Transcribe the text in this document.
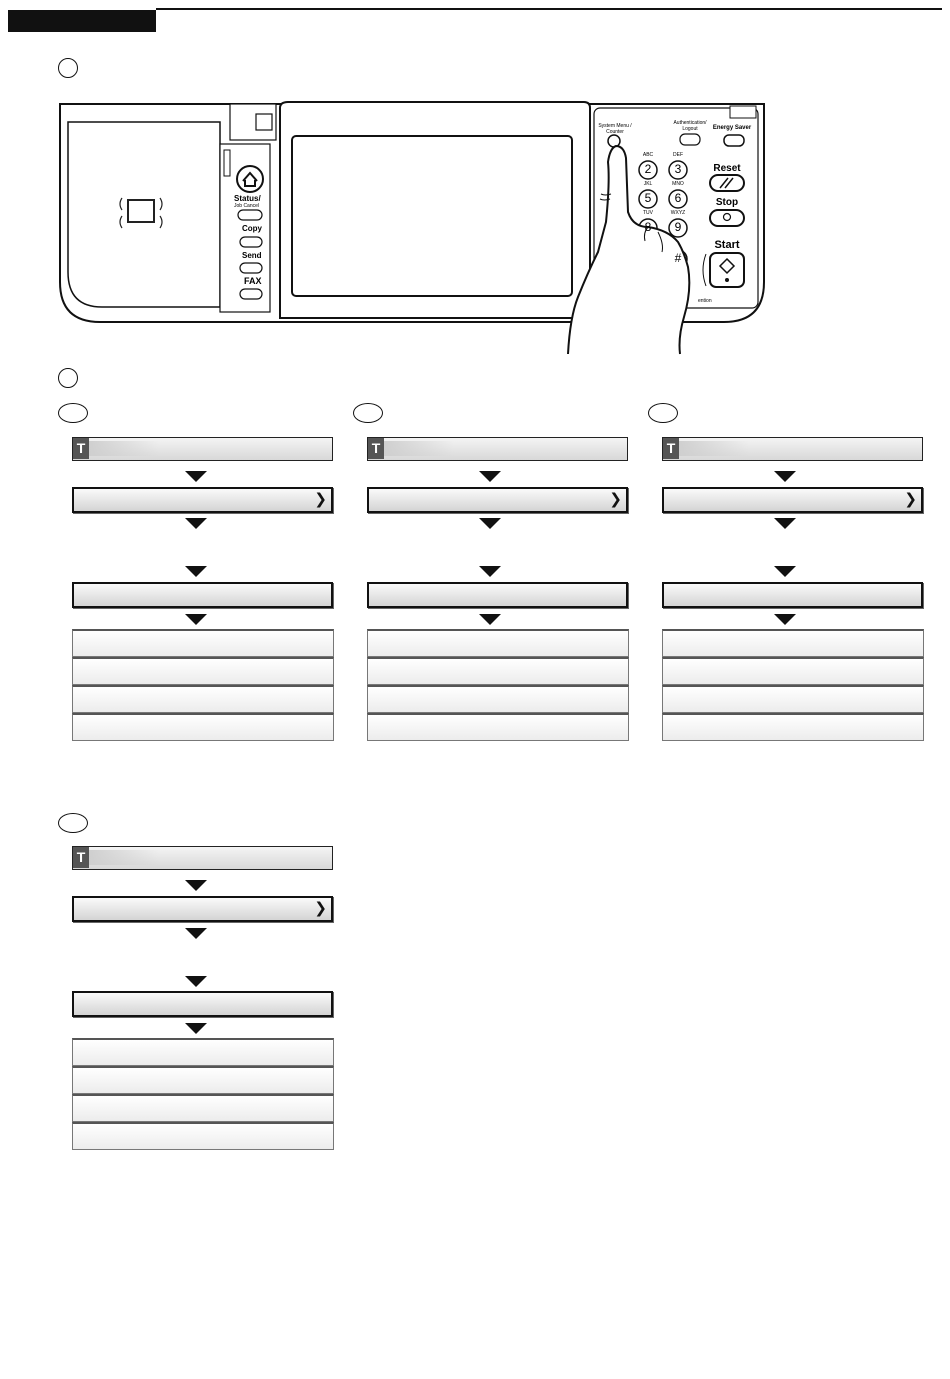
System Menu /
Counter
Authentication/
Logout	Energy Saver
Reset
Stop
Start
Status/
Job Cancel
Copy
Send
FAX
ention
ABC
2
DEF
3
JKL
5
MNO
6
TUV
8
WXYZ
9
#
T
❯
T
❯
T
❯
T
❯
